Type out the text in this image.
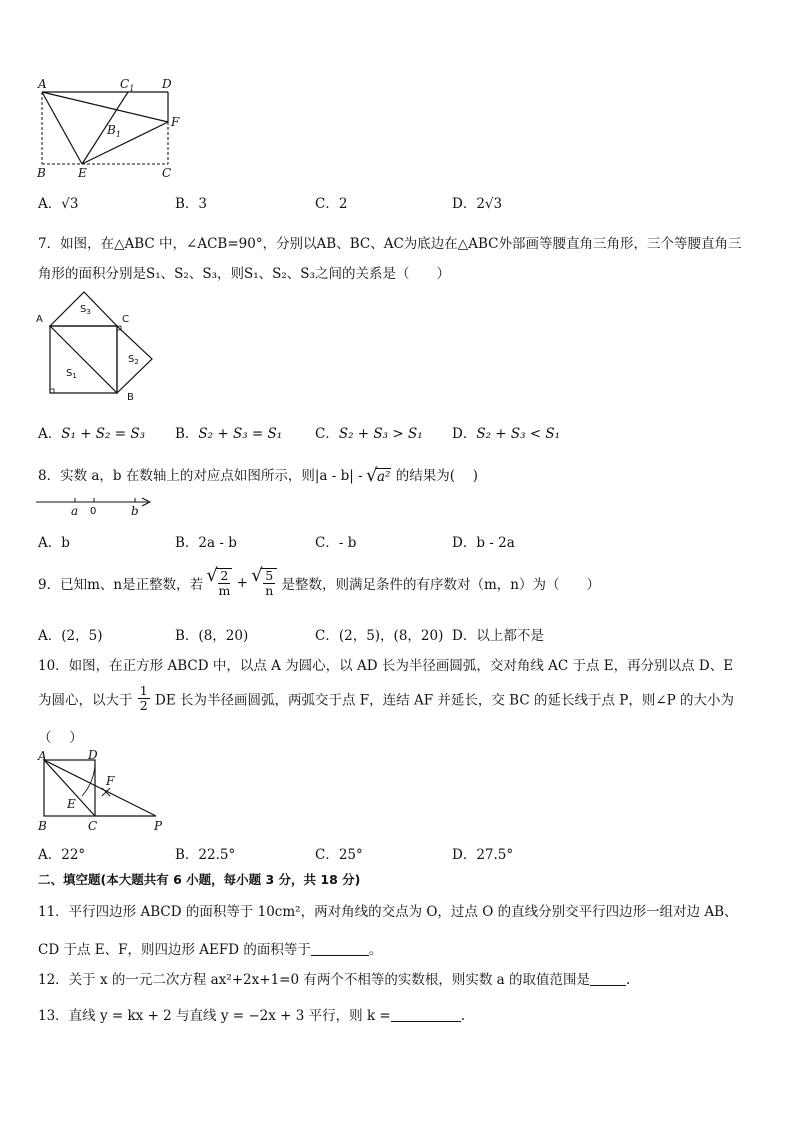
A	$C_1$ D
$B_1$
F
B	E	C
A．√3	B．3	C．2	D．2√3
7．如图，在△ABC 中，∠ACB=90°，分别以AB、BC、AC为底边在△ABC外部画等腰直角三角形，三个等腰直角三
角形的面积分别是S₁、S₂、S₃，则S₁、S₂、S₃之间的关系是（　　）
A	C
B
$S_1$
$S_2$
$S_3$
A．S₁ + S₂ = S₃ B．S₂ + S₃ = S₁ C．S₂ + S₃ > S₁ D．S₂ + S₃ < S₁
8．实数 a，b 在数轴上的对应点如图所示，则|a - b| - √ a² 的结果为(　 )
a 0	b
A．b	B．2a - b	C．- b	D．b - 2a
9．已知m、n是正整数，若 √ $\frac{2}{m}$ + √ $\frac{5}{n}$ 是整数，则满足条件的有序数对（m，n）为（　　）
A．(2，5)	B．(8，20)	C．(2，5)，(8，20) D．以上都不是
10．如图，在正方形 ABCD 中，以点 A 为圆心，以 AD 长为半径画圆弧，交对角线 AC 于点 E，再分别以点 D、E
为圆心，以大于 $\frac{1}{2}$ DE 长为半径画圆弧，两弧交于点 F，连结 AF 并延长，交 BC 的延长线于点 P，则∠P 的大小为
（　 ）
A	D
F
E
B	C	P
A．22°	B．22.5°	C．25°	D．27.5°
二、填空题(本大题共有 6 小题，每小题 3 分，共 18 分)
11．平行四边形 ABCD 的面积等于 10cm²，两对角线的交点为 O，过点 O 的直线分别交平行四边形一组对边 AB、
CD 于点 E、F，则四边形 AEFD 的面积等于	。
12．关于 x 的一元二次方程 ax²+2x+1=0 有两个不相等的实数根，则实数 a 的取值范围是	.
13．直线 y = kx + 2 与直线 y = −2x + 3 平行，则 k =	.
